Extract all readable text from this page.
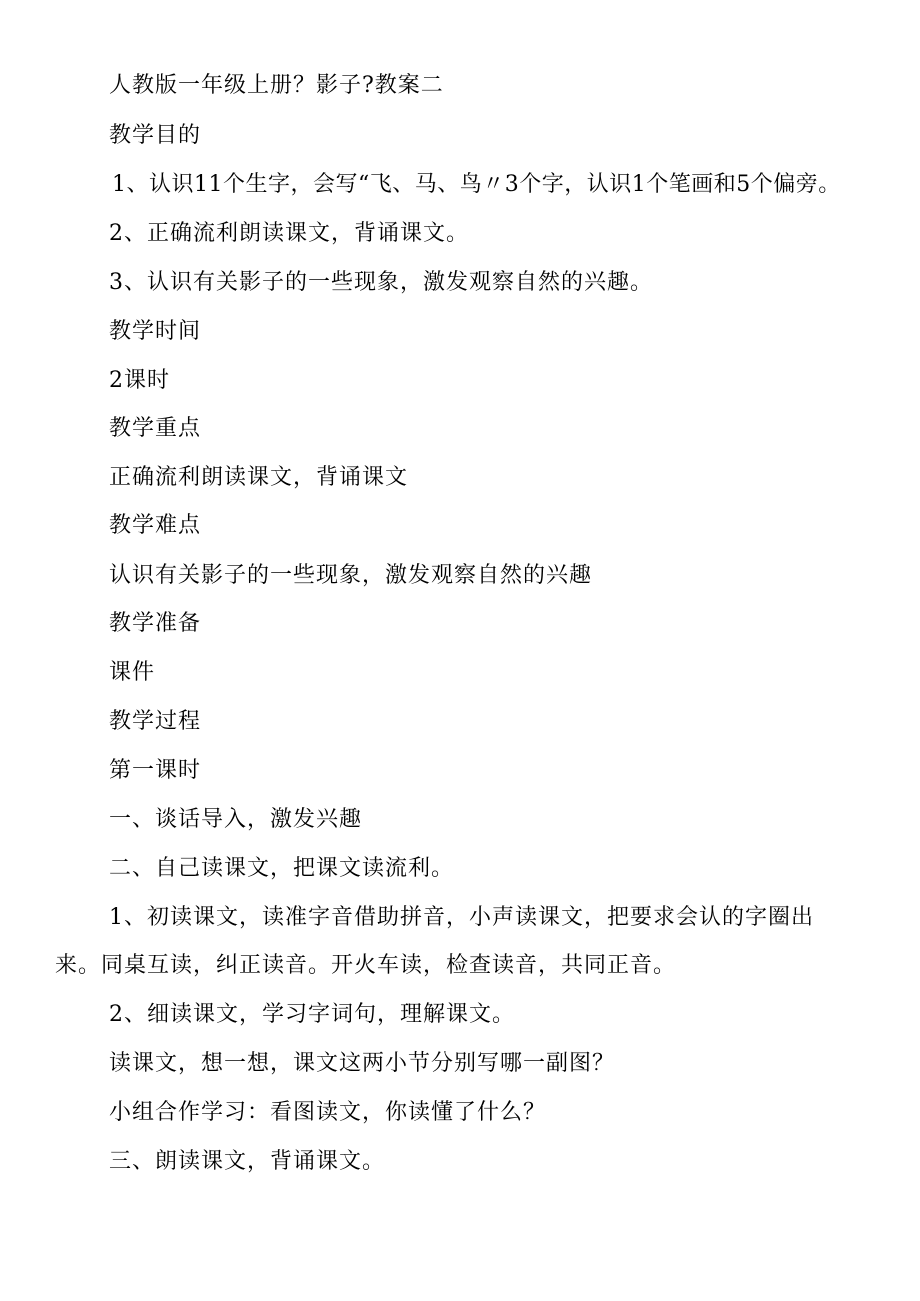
人教版一年级上册？影子?教案二
教学目的
1、认识11个生字，会写“飞、马、鸟〃3个字，认识1个笔画和5个偏旁。
2、正确流利朗读课文，背诵课文。
3、认识有关影子的一些现象，激发观察自然的兴趣。
教学时间
2课时
教学重点
正确流利朗读课文，背诵课文
教学难点
认识有关影子的一些现象，激发观察自然的兴趣
教学准备
课件
教学过程
第一课时
一、谈话导入，激发兴趣
二、自己读课文，把课文读流利。
1、初读课文，读准字音借助拼音，小声读课文，把要求会认的字圈出
来。同桌互读，纠正读音。开火车读，检查读音，共同正音。
2、细读课文，学习字词句，理解课文。
读课文，想一想，课文这两小节分别写哪一副图？
小组合作学习：看图读文，你读懂了什么？
三、朗读课文，背诵课文。
